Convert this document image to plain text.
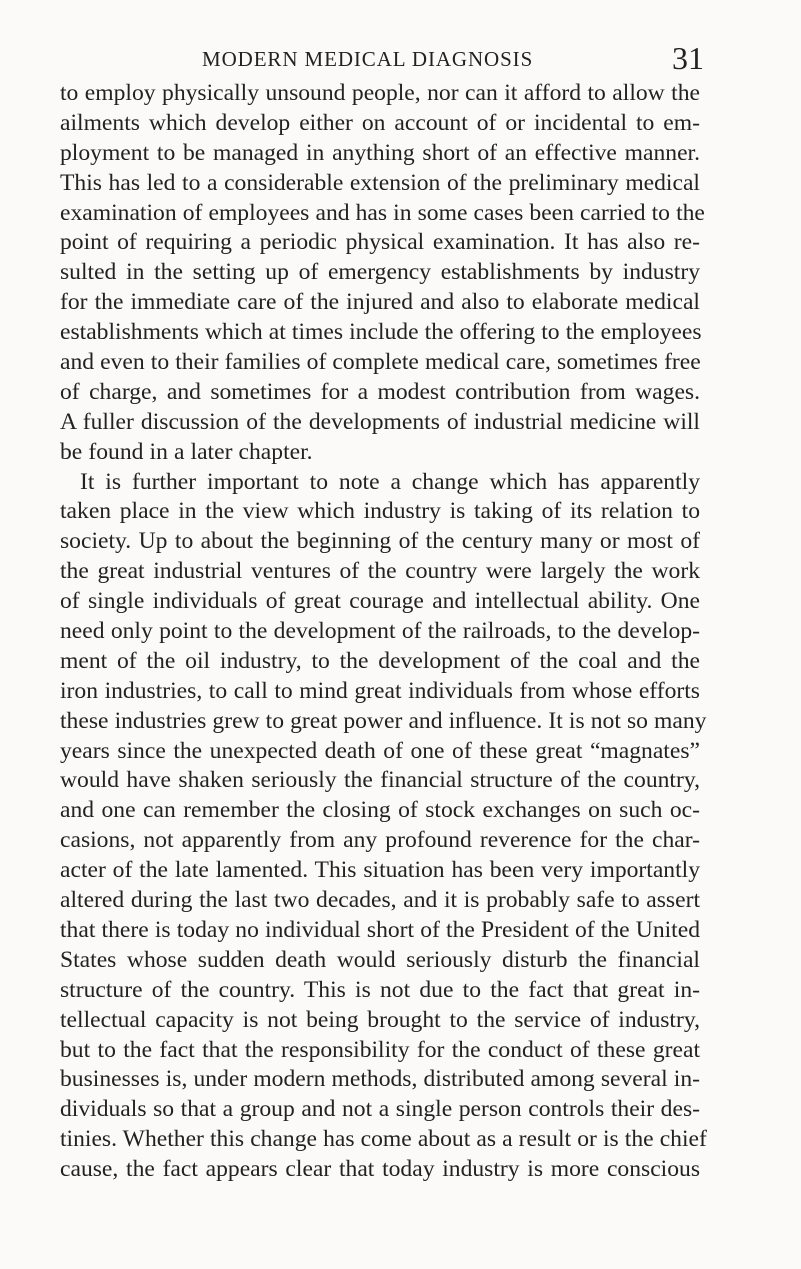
MODERN MEDICAL DIAGNOSIS	31
to employ physically unsound people, nor can it afford to allow the
ailments which develop either on account of or incidental to em-
ployment to be managed in anything short of an effective manner.
This has led to a considerable extension of the preliminary medical
examination of employees and has in some cases been carried to the
point of requiring a periodic physical examination. It has also re-
sulted in the setting up of emergency establishments by industry
for the immediate care of the injured and also to elaborate medical
establishments which at times include the offering to the employees
and even to their families of complete medical care, sometimes free
of charge, and sometimes for a modest contribution from wages.
A fuller discussion of the developments of industrial medicine will
be found in a later chapter.
It is further important to note a change which has apparently
taken place in the view which industry is taking of its relation to
society. Up to about the beginning of the century many or most of
the great industrial ventures of the country were largely the work
of single individuals of great courage and intellectual ability. One
need only point to the development of the railroads, to the develop-
ment of the oil industry, to the development of the coal and the
iron industries, to call to mind great individuals from whose efforts
these industries grew to great power and influence. It is not so many
years since the unexpected death of one of these great “magnates”
would have shaken seriously the financial structure of the country,
and one can remember the closing of stock exchanges on such oc-
casions, not apparently from any profound reverence for the char-
acter of the late lamented. This situation has been very importantly
altered during the last two decades, and it is probably safe to assert
that there is today no individual short of the President of the United
States whose sudden death would seriously disturb the financial
structure of the country. This is not due to the fact that great in-
tellectual capacity is not being brought to the service of industry,
but to the fact that the responsibility for the conduct of these great
businesses is, under modern methods, distributed among several in-
dividuals so that a group and not a single person controls their des-
tinies. Whether this change has come about as a result or is the chief
cause, the fact appears clear that today industry is more conscious
